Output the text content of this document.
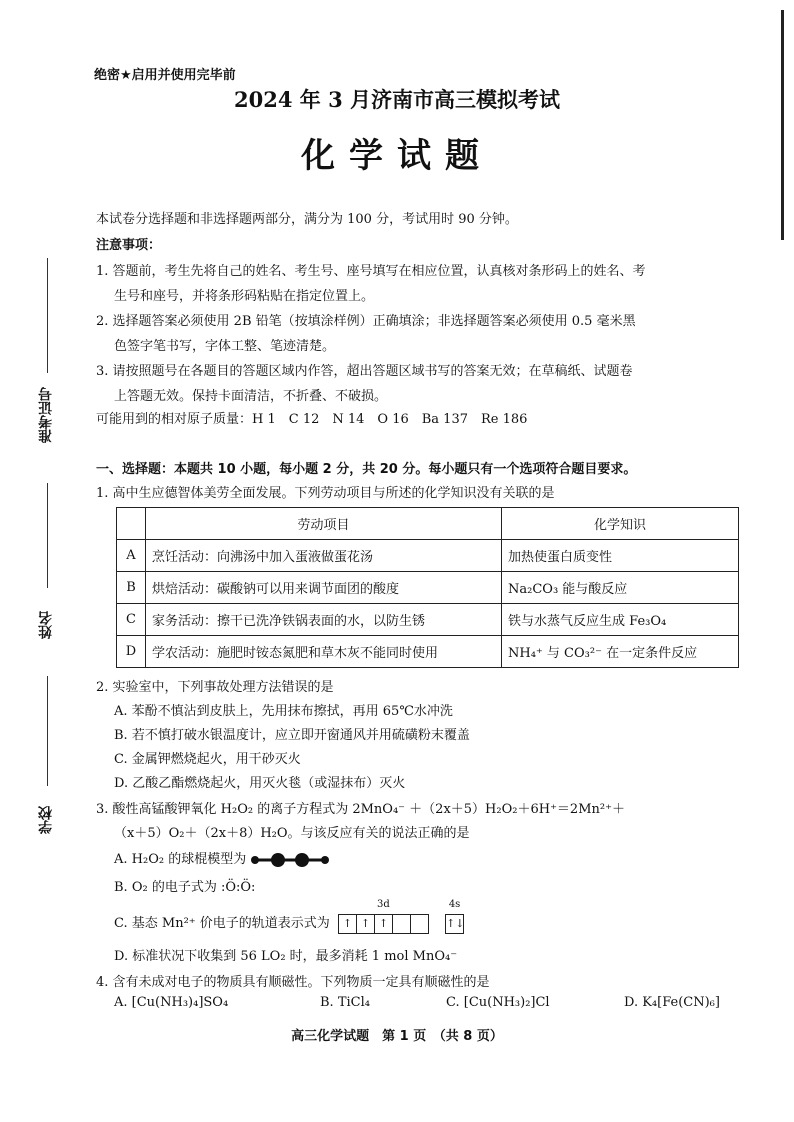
准考证号
姓名
学校
绝密★启用并使用完毕前
2024 年 3 月济南市高三模拟考试
化学试题
本试卷分选择题和非选择题两部分，满分为 100 分，考试用时 90 分钟。
注意事项：
1. 答题前，考生先将自己的姓名、考生号、座号填写在相应位置，认真核对条形码上的姓名、考
生号和座号，并将条形码粘贴在指定位置上。
2. 选择题答案必须使用 2B 铅笔（按填涂样例）正确填涂；非选择题答案必须使用 0.5 毫米黑
色签字笔书写，字体工整、笔迹清楚。
3. 请按照题号在各题目的答题区域内作答，超出答题区域书写的答案无效；在草稿纸、试题卷
上答题无效。保持卡面清洁，不折叠、不破损。
可能用到的相对原子质量：H 1　C 12　N 14　O 16　Ba 137　Re 186
一、选择题：本题共 10 小题，每小题 2 分，共 20 分。每小题只有一个选项符合题目要求。
1. 高中生应德智体美劳全面发展。下列劳动项目与所述的化学知识没有关联的是
	劳动项目	化学知识
A	烹饪活动：向沸汤中加入蛋液做蛋花汤	加热使蛋白质变性
B	烘焙活动：碳酸钠可以用来调节面团的酸度	Na₂CO₃ 能与酸反应
C	家务活动：擦干已洗净铁锅表面的水，以防生锈	铁与水蒸气反应生成 Fe₃O₄
D	学农活动：施肥时铵态氮肥和草木灰不能同时使用	NH₄⁺ 与 CO₃²⁻ 在一定条件反应
2. 实验室中，下列事故处理方法错误的是
A. 苯酚不慎沾到皮肤上，先用抹布擦拭，再用 65℃水冲洗
B. 若不慎打破水银温度计，应立即开窗通风并用硫磺粉末覆盖
C. 金属钾燃烧起火，用干砂灭火
D. 乙酸乙酯燃烧起火，用灭火毯（或湿抹布）灭火
3. 酸性高锰酸钾氧化 H₂O₂ 的离子方程式为 2MnO₄⁻ ＋（2x＋5）H₂O₂＋6H⁺＝2Mn²⁺＋
（x＋5）O₂＋（2x＋8）H₂O。与该反应有关的说法正确的是
A. H₂O₂ 的球棍模型为
B. O₂ 的电子式为 :Ö:Ö:
C. 基态 Mn²⁺ 价电子的轨道表示式为
3d
↑ ↑ ↑
4s
↑↓
D. 标准状况下收集到 56 LO₂ 时，最多消耗 1 mol MnO₄⁻
4. 含有未成对电子的物质具有顺磁性。下列物质一定具有顺磁性的是
A. [Cu(NH₃)₄]SO₄	B. TiCl₄	C. [Cu(NH₃)₂]Cl	D. K₄[Fe(CN)₆]
高三化学试题　第 1 页　（共 8 页）
